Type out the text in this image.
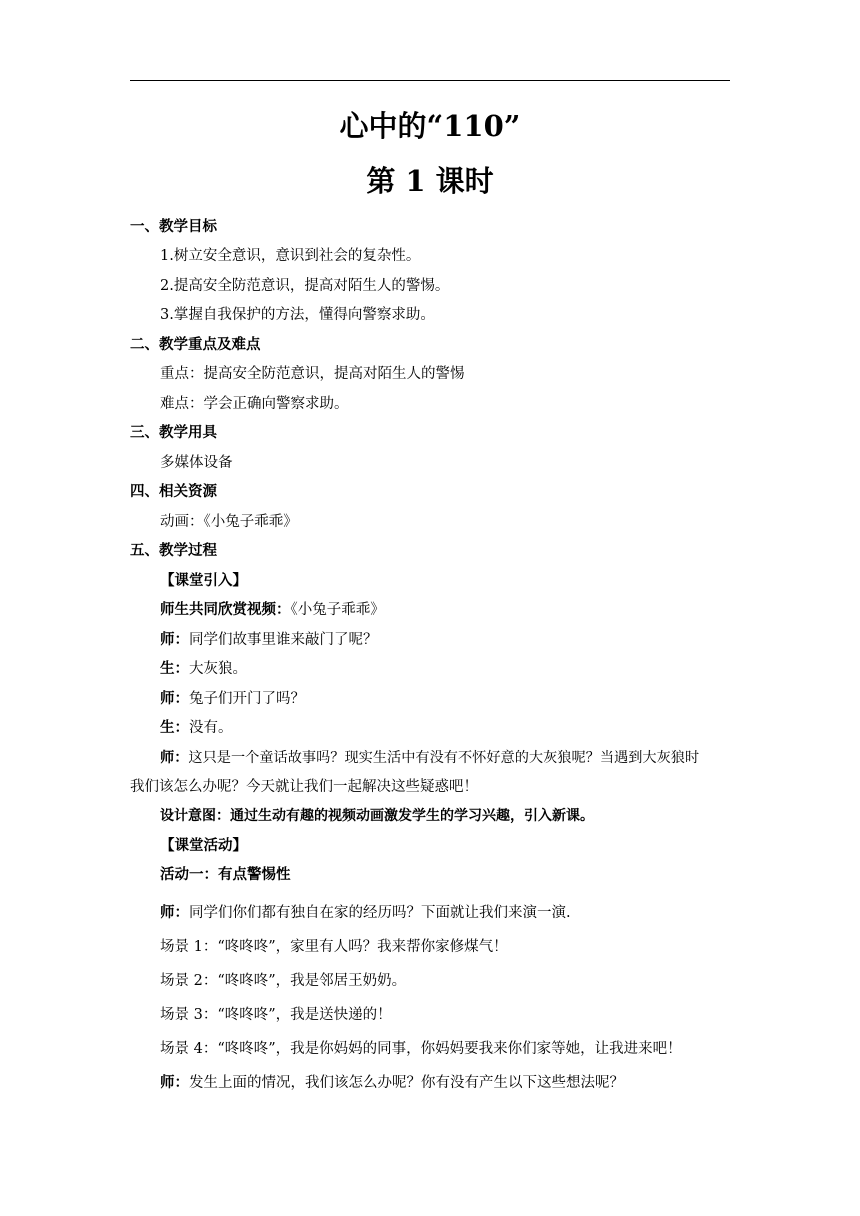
心中的“110”
第 1 课时

一、教学目标

1.树立安全意识，意识到社会的复杂性。

2.提高安全防范意识，提高对陌生人的警惕。

3.掌握自我保护的方法，懂得向警察求助。

二、教学重点及难点

重点：提高安全防范意识，提高对陌生人的警惕

难点：学会正确向警察求助。

三、教学用具

多媒体设备

四、相关资源

动画：《小兔子乖乖》

五、教学过程

【课堂引入】

师生共同欣赏视频：《小兔子乖乖》

师：同学们故事里谁来敲门了呢？

生：大灰狼。

师：兔子们开门了吗？

生：没有。

师：这只是一个童话故事吗？现实生活中有没有不怀好意的大灰狼呢？当遇到大灰狼时

我们该怎么办呢？今天就让我们一起解决这些疑惑吧！

设计意图：通过生动有趣的视频动画激发学生的学习兴趣，引入新课。

【课堂活动】

活动一：有点警惕性

师：同学们你们都有独自在家的经历吗？下面就让我们来演一演.

场景 1：“咚咚咚”，家里有人吗？我来帮你家修煤气！

场景 2：“咚咚咚”，我是邻居王奶奶。

场景 3：“咚咚咚”，我是送快递的！

场景 4：“咚咚咚”，我是你妈妈的同事，你妈妈要我来你们家等她，让我进来吧！

师：发生上面的情况，我们该怎么办呢？你有没有产生以下这些想法呢？
